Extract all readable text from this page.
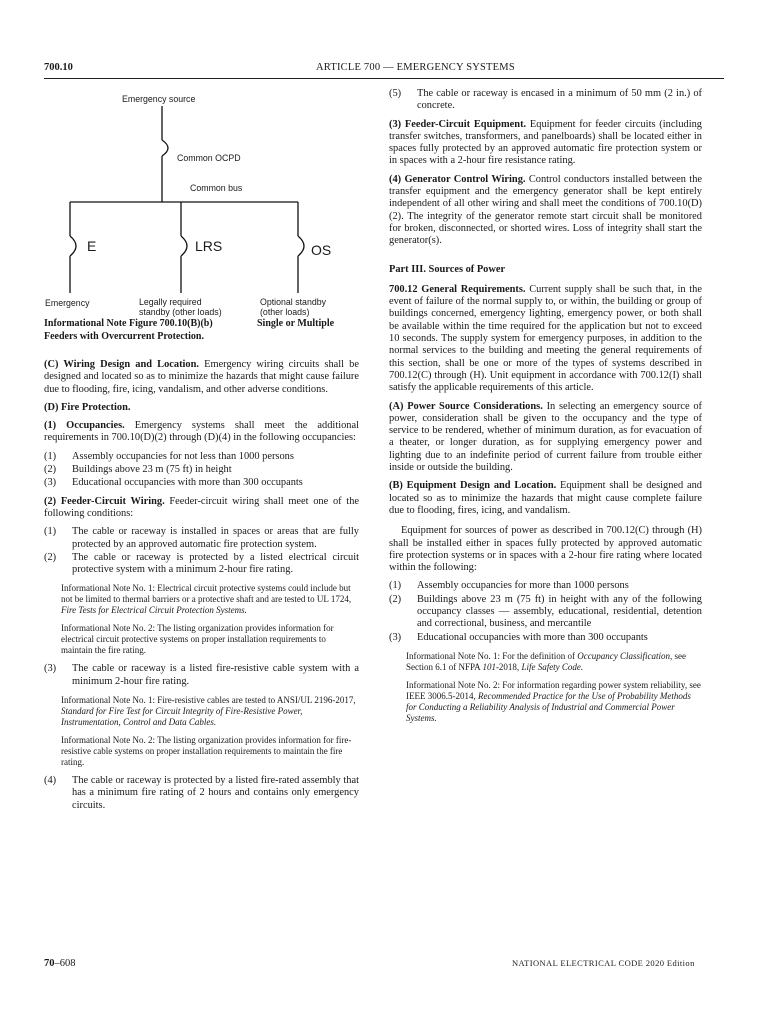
700.10	ARTICLE 700 — EMERGENCY SYSTEMS
Emergency source
Common OCPD
Common bus
E	LRS	OS
Emergency	Legally required
standby (other loads)
Optional standby
(other loads)
Informational Note Figure 700.10(B)(b)	Single or Multiple

Feeders with Overcurrent Protection.

(C) Wiring Design and Location. Emergency wiring circuits shall be designed and located so as to minimize the hazards that might cause failure due to flooding, fire, icing, vandalism, and other adverse conditions.

(D) Fire Protection.

(1) Occupancies. Emergency systems shall meet the additional requirements in 700.10(D)(2) through (D)(4) in the following occupancies:

(1)	Assembly occupancies for not less than 1000 persons
(2)	Buildings above 23 m (75 ft) in height
(3)	Educational occupancies with more than 300 occupants

(2) Feeder-Circuit Wiring. Feeder-circuit wiring shall meet one of the following conditions:

(1)	The cable or raceway is installed in spaces or areas that are fully protected by an approved automatic fire protection system.
(2)	The cable or raceway is protected by a listed electrical circuit protective system with a minimum 2-hour fire rating.
Informational Note No. 1: Electrical circuit protective systems could include but not be limited to thermal barriers or a protective shaft and are tested to UL 1724, Fire Tests for Electrical Circuit Protection Systems.
Informational Note No. 2: The listing organization provides information for electrical circuit protective systems on proper installation requirements to maintain the fire rating.
(3)	The cable or raceway is a listed fire-resistive cable system with a minimum 2-hour fire rating.
Informational Note No. 1: Fire-resistive cables are tested to ANSI/UL 2196-2017, Standard for Fire Test for Circuit Integrity of Fire-Resistive Power, Instrumentation, Control and Data Cables.
Informational Note No. 2: The listing organization provides information for fire-resistive cable systems on proper installation requirements to maintain the fire rating.
(4)	The cable or raceway is protected by a listed fire-rated assembly that has a minimum fire rating of 2 hours and contains only emergency circuits.
(5)	The cable or raceway is encased in a minimum of 50 mm (2 in.) of concrete.

(3) Feeder-Circuit Equipment. Equipment for feeder circuits (including transfer switches, transformers, and panelboards) shall be located either in spaces fully protected by an approved automatic fire protection system or in spaces with a 2-hour fire resistance rating.

(4) Generator Control Wiring. Control conductors installed between the transfer equipment and the emergency generator shall be kept entirely independent of all other wiring and shall meet the conditions of 700.10(D)(2). The integrity of the generator remote start circuit shall be monitored for broken, disconnected, or shorted wires. Loss of integrity shall start the generator(s).

Part III. Sources of Power

700.12 General Requirements. Current supply shall be such that, in the event of failure of the normal supply to, or within, the building or group of buildings concerned, emergency lighting, emergency power, or both shall be available within the time required for the application but not to exceed 10 seconds. The supply system for emergency purposes, in addition to the normal services to the building and meeting the general requirements of this section, shall be one or more of the types of systems described in 700.12(C) through (H). Unit equipment in accordance with 700.12(I) shall satisfy the applicable requirements of this article.

(A) Power Source Considerations. In selecting an emergency source of power, consideration shall be given to the occupancy and the type of service to be rendered, whether of minimum duration, as for evacuation of a theater, or longer duration, as for supplying emergency power and lighting due to an indefinite period of current failure from trouble either inside or outside the building.

(B) Equipment Design and Location. Equipment shall be designed and located so as to minimize the hazards that might cause complete failure due to flooding, fires, icing, and vandalism.

Equipment for sources of power as described in 700.12(C) through (H) shall be installed either in spaces fully protected by approved automatic fire protection systems or in spaces with a 2-hour fire rating where located within the following:

(1)	Assembly occupancies for more than 1000 persons
(2)	Buildings above 23 m (75 ft) in height with any of the following occupancy classes — assembly, educational, residential, detention and correctional, business, and mercantile
(3)	Educational occupancies with more than 300 occupants
Informational Note No. 1: For the definition of Occupancy Classification, see Section 6.1 of NFPA 101-2018, Life Safety Code.
Informational Note No. 2: For information regarding power system reliability, see IEEE 3006.5-2014, Recommended Practice for the Use of Probability Methods for Conducting a Reliability Analysis of Industrial and Commercial Power Systems.
70–608	NATIONAL ELECTRICAL CODE 2020 Edition
